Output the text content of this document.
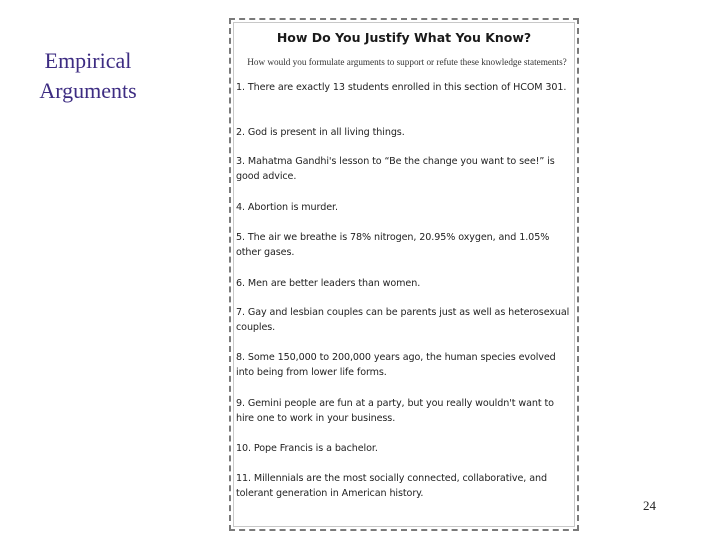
Empirical
Arguments
How Do You Justify What You Know?
How would you formulate arguments to support or refute these knowledge statements?
1. There are exactly 13 students enrolled in this section of HCOM 301.
2. God is present in all living things.
3. Mahatma Gandhi's lesson to “Be the change you want to see!” is good advice.
4. Abortion is murder.
5. The air we breathe is 78% nitrogen, 20.95% oxygen, and 1.05% other gases.
6. Men are better leaders than women.
7. Gay and lesbian couples can be parents just as well as heterosexual couples.
8. Some 150,000 to 200,000 years ago, the human species evolved into being from lower life forms.
9. Gemini people are fun at a party, but you really wouldn't want to hire one to work in your business.
10. Pope Francis is a bachelor.
11. Millennials are the most socially connected, collaborative, and tolerant generation in American history.
24
